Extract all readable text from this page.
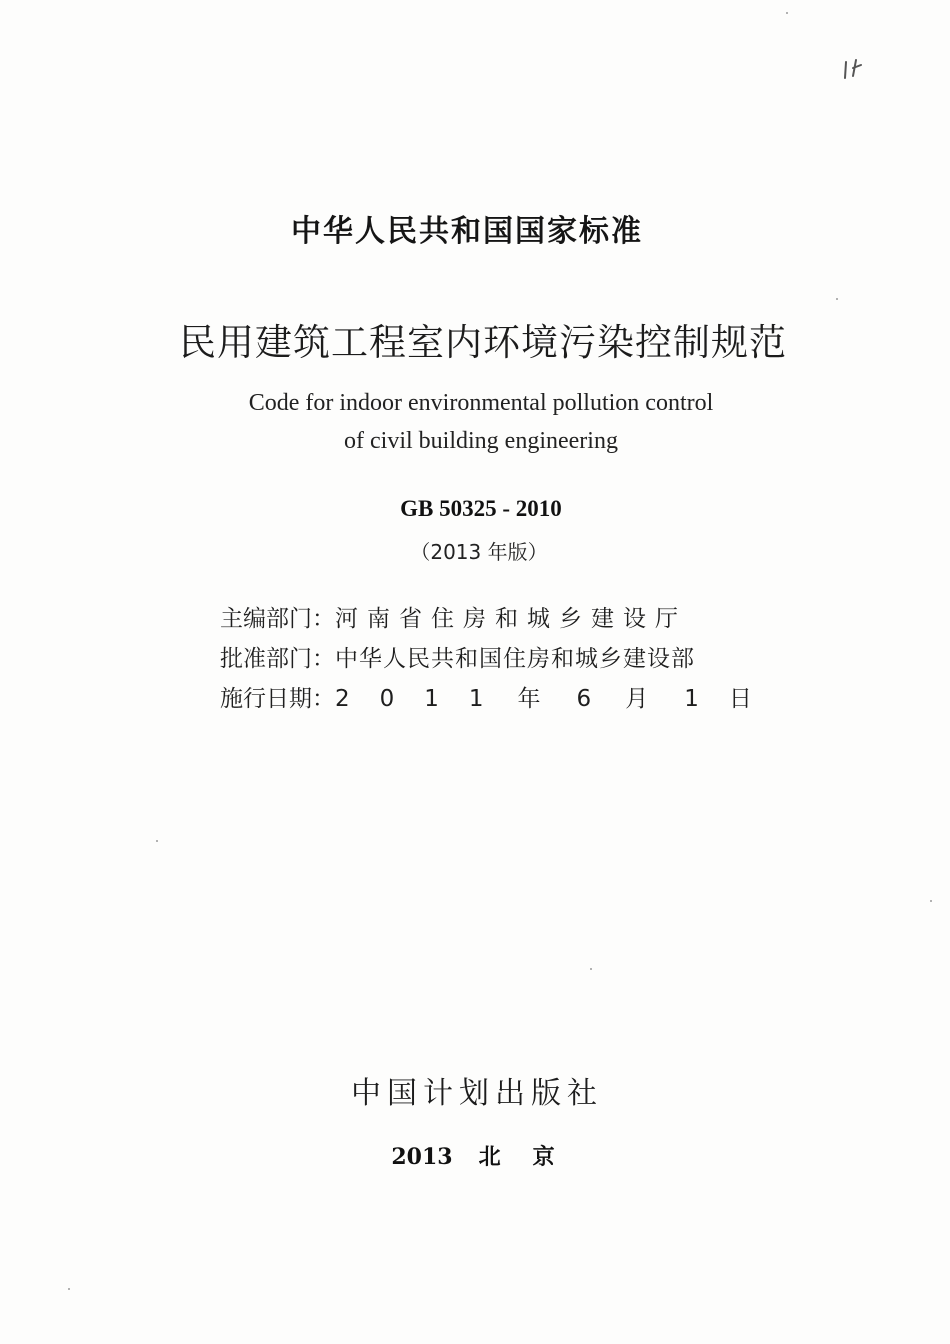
中华人民共和国国家标准
民用建筑工程室内环境污染控制规范
Code for indoor environmental pollution control
of civil building engineering
GB 50325 - 2010
（2013 年版）
主编部门：河南省住房和城乡建设厅
批准部门：中华人民共和国住房和城乡建设部
施行日期：2011 年 6 月 1 日
中国计划出版社
2013 北 京
